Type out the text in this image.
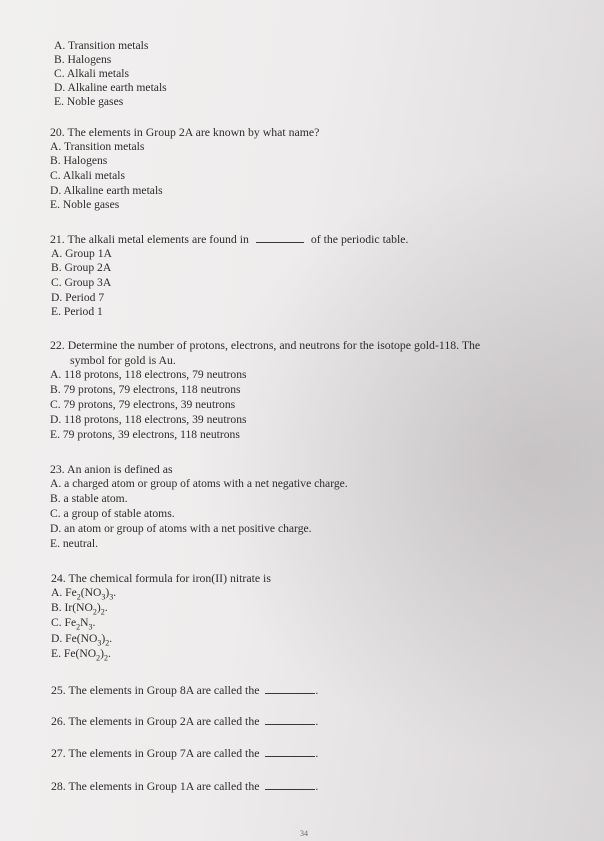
A. Transition metals
B. Halogens
C. Alkali metals
D. Alkaline earth metals
E. Noble gases
20. The elements in Group 2A are known by what name?
A. Transition metals
B. Halogens
C. Alkali metals
D. Alkaline earth metals
E. Noble gases
21. The alkali metal elements are found in	of the periodic table.
A. Group 1A
B. Group 2A
C. Group 3A
D. Period 7
E. Period 1
22. Determine the number of protons, electrons, and neutrons for the isotope gold-118. The
symbol for gold is Au.
A. 118 protons, 118 electrons, 79 neutrons
B. 79 protons, 79 electrons, 118 neutrons
C. 79 protons, 79 electrons, 39 neutrons
D. 118 protons, 118 electrons, 39 neutrons
E. 79 protons, 39 electrons, 118 neutrons
23. An anion is defined as
A. a charged atom or group of atoms with a net negative charge.
B. a stable atom.
C. a group of stable atoms.
D. an atom or group of atoms with a net positive charge.
E. neutral.
24. The chemical formula for iron(II) nitrate is
A. $Fe_2(NO_3)_3$.
B. $Ir(NO_2)_2$.
C. $Fe_2N_3$.
D. $Fe(NO_3)_2$.
E. $Fe(NO_2)_2$.
25. The elements in Group 8A are called the	.
26. The elements in Group 2A are called the	.
27. The elements in Group 7A are called the	.
28. The elements in Group 1A are called the	.
34
